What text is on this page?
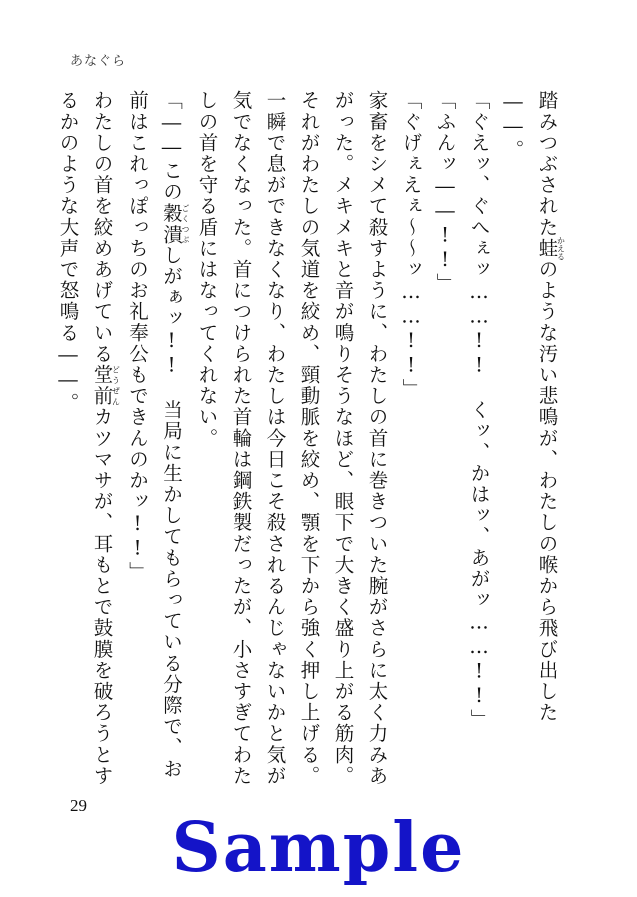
あなぐら

踏みつぶされた蛙かえるのような汚い悲鳴が、わたしの喉から飛び出した――。

「ぐえッ、ぐへぇッ……!!　くッ、かはッ、あがッ……!!」

「ふんッ――!!」

「ぐげぇえぇ〜〜ッ……!!」

家畜をシメて殺すように、わたしの首に巻きついた腕がさらに太く力みあがった。メキメキと音が鳴りそうなほど、眼下で大きく盛り上がる筋肉。それがわたしの気道を絞め、頸動脈を絞め、顎を下から強く押し上げる。一瞬で息ができなくなり、わたしは今日こそ殺されるんじゃないかと気が気でなくなった。首につけられた首輪は鋼鉄製だったが、小さすぎてわたしの首を守る盾にはなってくれない。

「――この穀潰ごくつぶしがぁッ!!　当局に生かしてもらっている分際で、お前はこれっぽっちのお礼奉公もできんのかッ!!」

わたしの首を絞めあげている堂前どうぜんカツマサが、耳もとで鼓膜を破ろうとするかのような大声で怒鳴る――。

29
Sample
